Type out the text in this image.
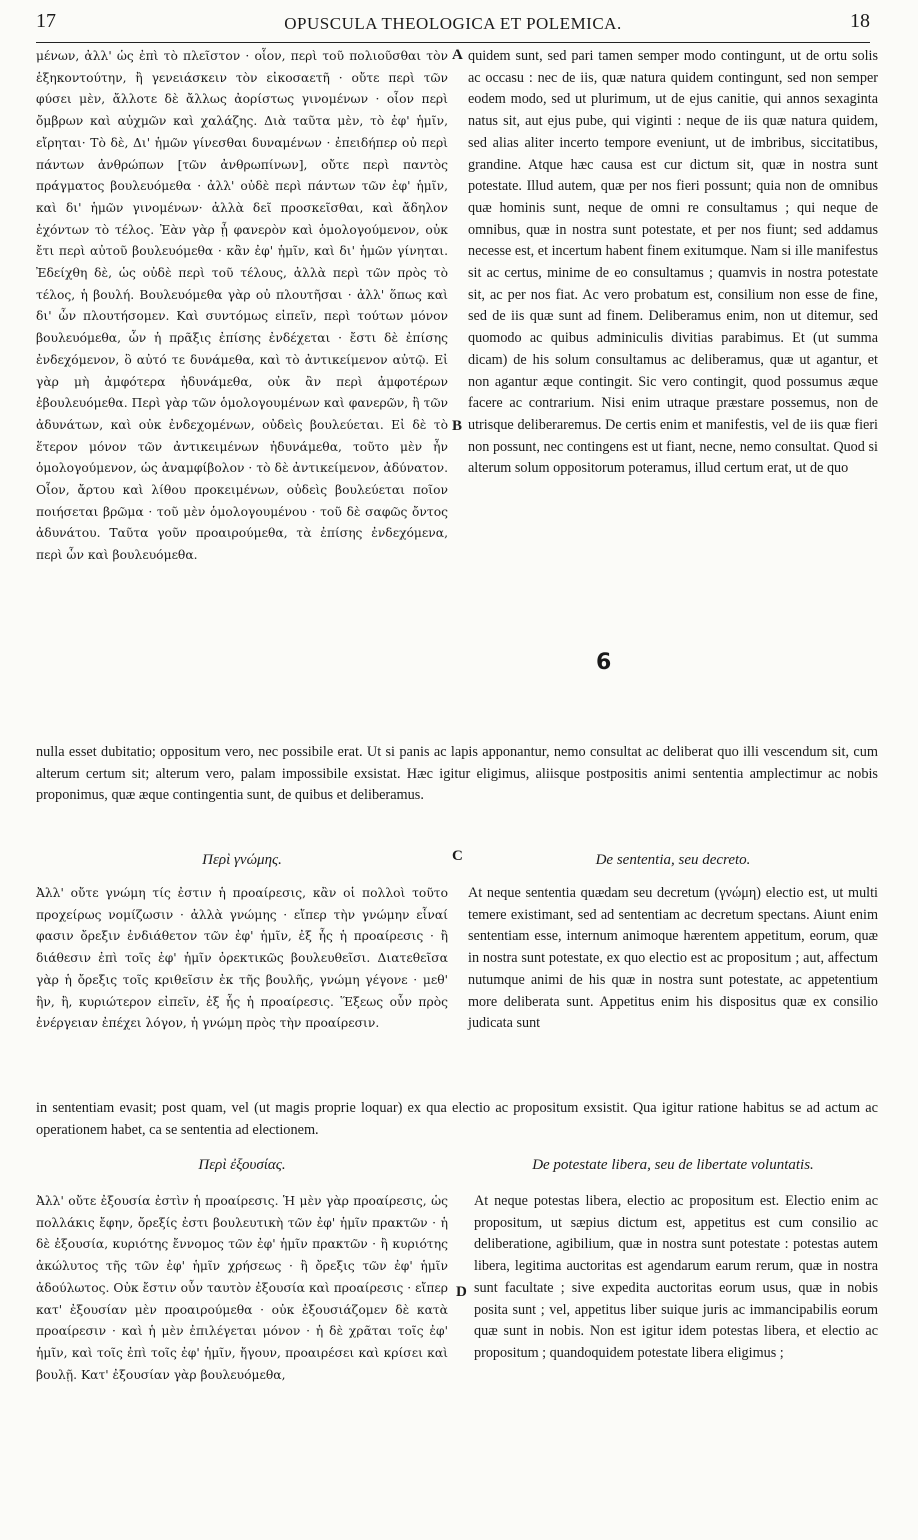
17	OPUSCULA THEOLOGICA ET POLEMICA.	18

μένων, ἀλλ' ὡς ἐπὶ τὸ πλεῖστον · οἷον, περὶ τοῦ πολιοῦσθαι τὸν ἑξηκοντούτην, ἢ γενειάσκειν τὸν εἰκοσαετῆ · οὔτε περὶ τῶν φύσει μὲν, ἄλλοτε δὲ ἄλλως ἀορίστως γινομένων · οἷον περὶ ὄμβρων καὶ αὐχμῶν καὶ χαλάζης. Διὰ ταῦτα μὲν, τὸ ἐφ' ἡμῖν, εἴρηται· Τὸ δὲ, Δι' ἡμῶν γίνεσθαι δυναμένων · ἐπειδήπερ οὐ περὶ πάντων ἀνθρώπων [τῶν ἀνθρωπίνων], οὔτε περὶ παντὸς πράγματος βουλευόμεθα · ἀλλ' οὐδὲ περὶ πάντων τῶν ἐφ' ἡμῖν, καὶ δι' ἡμῶν γινομένων· ἀλλὰ δεῖ προσκεῖσθαι, καὶ ἄδηλον ἐχόντων τὸ τέλος. Ἐὰν γὰρ ᾖ φανερὸν καὶ ὁμολογούμενον, οὐκ ἔτι περὶ αὐτοῦ βουλευόμεθα · κἂν ἐφ' ἡμῖν, καὶ δι' ἡμῶν γίνηται. Ἐδείχθη δὲ, ὡς οὐδὲ περὶ τοῦ τέλους, ἀλλὰ περὶ τῶν πρὸς τὸ τέλος, ἡ βουλή. Βουλευόμεθα γὰρ οὐ πλουτῆσαι · ἀλλ' ὅπως καὶ δι' ὧν πλουτήσομεν. Καὶ συντόμως εἰπεῖν, περὶ τούτων μόνον βουλευόμεθα, ὧν ἡ πρᾶξις ἐπίσης ἐνδέχεται · ἔστι δὲ ἐπίσης ἐνδεχόμενον, ὃ αὐτό τε δυνάμεθα, καὶ τὸ ἀντικείμενον αὐτῷ. Εἰ γὰρ μὴ ἀμφότερα ἠδυνάμεθα, οὐκ ἂν περὶ ἀμφοτέρων ἐβουλευόμεθα. Περὶ γὰρ τῶν ὁμολογουμένων καὶ φανερῶν, ἢ τῶν ἀδυνάτων, καὶ οὐκ ἐνδεχομένων, οὐδεὶς βουλεύεται. Εἰ δὲ τὸ ἕτερον μόνον τῶν ἀντικειμένων ἠδυνάμεθα, τοῦτο μὲν ἦν ὁμολογούμενον, ὡς ἀναμφίβολον · τὸ δὲ ἀντικείμενον, ἀδύνατον. Οἷον, ἄρτου καὶ λίθου προκειμένων, οὐδεὶς βουλεύεται ποῖον ποιήσεται βρῶμα · τοῦ μὲν ὁμολογουμένου · τοῦ δὲ σαφῶς ὄντος ἀδυνάτου. Ταῦτα γοῦν προαιρούμεθα, τὰ ἐπίσης ἐνδεχόμενα, περὶ ὧν καὶ βουλευόμεθα.

A quidem sunt, sed pari tamen semper modo contingunt, ut de ortu solis ac occasu : nec de iis, quæ natura quidem contingunt, sed non semper eodem modo, sed ut plurimum, ut de ejus canitie, qui annos sexaginta natus sit, aut ejus pube, qui viginti : neque de iis quæ natura quidem, sed alias aliter incerto tempore eveniunt, ut de imbribus, siccitatibus, grandine. Atque hæc causa est cur dictum sit, quæ in nostra sunt potestate. Illud autem, quæ per nos fieri possunt; quia non de omnibus quæ hominis sunt, neque de omni re consultamus ; qui neque de omnibus, quæ in nostra sunt potestate, et per nos fiunt; sed addamus necesse est, et incertum habent finem exitumque. Nam si ille manifestus sit ac certus, minime de eo consultamus ; quamvis in nostra potestate sit, ac per nos fiat. Ac vero probatum est, consilium non esse de fine, sed de iis quæ sunt ad finem. Deliberamus enim, non ut ditemur, sed quomodo ac quibus adminiculis divitias parabimus. Et (ut summa dicam) de his solum consultamus ac deliberamus, quæ ut agantur, et non agantur æque contingit. Sic vero contingit, quod possumus æque facere ac contrarium. Nisi enim utraque præstare possemus, non de utrisque deliberaremus. De certis enim et manifestis, vel de iis quæ fieri non possunt, nec contingens est ut fiant, necne, nemo consultat. Quod si alterum solum oppositorum poteramus, illud certum erat, ut de quo

B
6
nulla esset dubitatio; oppositum vero, nec possibile erat. Ut si panis ac lapis apponantur, nemo consultat ac deliberat quo illi vescendum sit, cum alterum certum sit; alterum vero, palam impossibile exsistat. Hæc igitur eligimus, aliisque postpositis animi sententia amplectimur ac nobis proponimus, quæ æque contingentia sunt, de quibus et deliberamus.
Περὶ γνώμης.	C	De sententia, seu decreto.

Ἀλλ' οὔτε γνώμη τίς ἐστιν ἡ προαίρεσις, κἂν οἱ πολλοὶ τοῦτο προχείρως νομίζωσιν · ἀλλὰ γνώμης · εἴπερ τὴν γνώμην εἶναί φασιν ὄρεξιν ἐνδιάθετον τῶν ἐφ' ἡμῖν, ἐξ ἧς ἡ προαίρεσις · ἢ διάθεσιν ἐπὶ τοῖς ἐφ' ἡμῖν ὀρεκτικῶς βουλευθεῖσι. Διατεθεῖσα γὰρ ἡ ὄρεξις τοῖς κριθεῖσιν ἐκ τῆς βουλῆς, γνώμη γέγονε · μεθ' ἣν, ἢ, κυριώτερον εἰπεῖν, ἐξ ἧς ἡ προαίρεσις. Ἕξεως οὖν πρὸς ἐνέργειαν ἐπέχει λόγον, ἡ γνώμη πρὸς τὴν προαίρεσιν.

At neque sententia quædam seu decretum (γνώμη) electio est, ut multi temere existimant, sed ad sententiam ac decretum spectans. Aiunt enim sententiam esse, internum animoque hærentem appetitum, eorum, quæ in nostra sunt potestate, ex quo electio est ac propositum ; aut, affectum nutumque animi de his quæ in nostra sunt potestate, ac appetentium more deliberata sunt. Appetitus enim his dispositus quæ ex consilio judicata sunt

in sententiam evasit; post quam, vel (ut magis proprie loquar) ex qua electio ac propositum exsistit. Qua igitur ratione habitus se ad actum ac operationem habet, ca se sententia ad electionem.
Περὶ ἐξουσίας.	De potestate libera, seu de libertate voluntatis.

Ἀλλ' οὔτε ἐξουσία ἐστὶν ἡ προαίρεσις. Ἡ μὲν γὰρ προαίρεσις, ὡς πολλάκις ἔφην, ὄρεξίς ἐστι βουλευτικὴ τῶν ἐφ' ἡμῖν πρακτῶν · ἡ δὲ ἐξουσία, κυριότης ἔννομος τῶν ἐφ' ἡμῖν πρακτῶν · ἢ κυριότης ἀκώλυτος τῆς τῶν ἐφ' ἡμῖν χρήσεως · ἢ ὄρεξις τῶν ἐφ' ἡμῖν ἀδούλωτος. Οὐκ ἔστιν οὖν ταυτὸν ἐξουσία καὶ προαίρεσις · εἴπερ κατ' ἐξουσίαν μὲν προαιρούμεθα · οὐκ ἐξουσιάζομεν δὲ κατὰ προαίρεσιν · καὶ ἡ μὲν ἐπιλέγεται μόνον · ἡ δὲ χρᾶται τοῖς ἐφ' ἡμῖν, καὶ τοῖς ἐπὶ τοῖς ἐφ' ἡμῖν, ἤγουν, προαιρέσει καὶ κρίσει καὶ βουλῇ. Κατ' ἐξουσίαν γὰρ βουλευόμεθα,

D

At neque potestas libera, electio ac propositum est. Electio enim ac propositum, ut sæpius dictum est, appetitus est cum consilio ac deliberatione, agibilium, quæ in nostra sunt potestate : potestas autem libera, legitima auctoritas est agendarum earum rerum, quæ in nostra sunt facultate ; sive expedita auctoritas eorum usus, quæ in nobis posita sunt ; vel, appetitus liber suique juris ac immancipabilis eorum quæ sunt in nobis. Non est igitur idem potestas libera, et electio ac propositum ; quandoquidem potestate libera eligimus ;
